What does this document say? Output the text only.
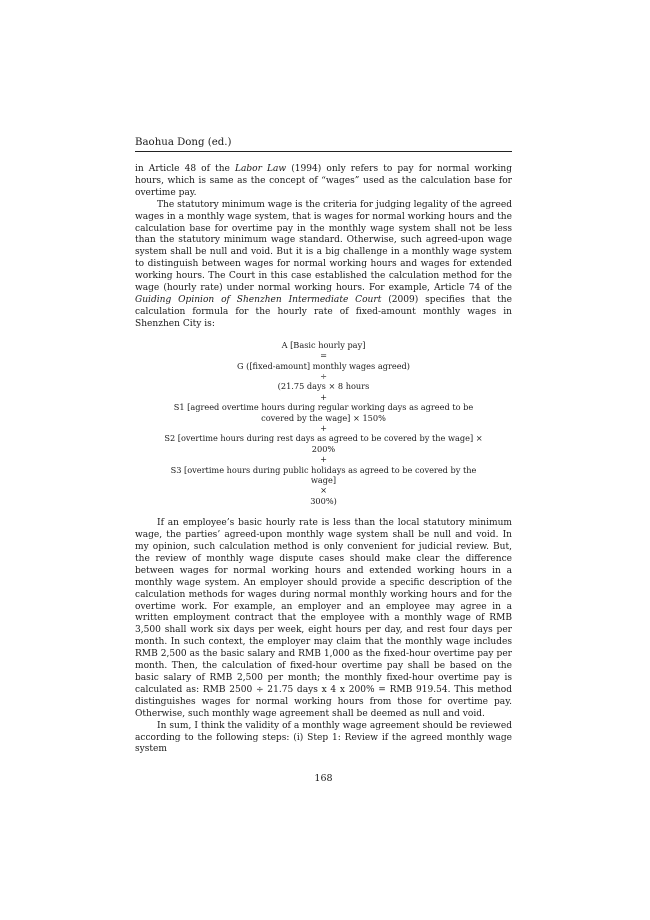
Baohua Dong (ed.)

in Article 48 of the Labor Law (1994) only refers to pay for normal working hours, which is same as the concept of “wages” used as the calculation base for overtime pay.

The statutory minimum wage is the criteria for judging legality of the agreed wages in a monthly wage system, that is wages for normal working hours and the calculation base for overtime pay in the monthly wage system shall not be less than the statutory minimum wage standard. Otherwise, such agreed-upon wage system shall be null and void. But it is a big challenge in a monthly wage system to distinguish between wages for normal working hours and wages for extended working hours. The Court in this case established the calculation method for the wage (hourly rate) under normal working hours. For example, Article 74 of the Guiding Opinion of Shenzhen Intermediate Court (2009) specifies that the calculation formula for the hourly rate of fixed-amount monthly wages in Shenzhen City is:

A [Basic hourly pay]
=
G ([fixed-amount] monthly wages agreed)
÷
(21.75 days × 8 hours
+
S1 [agreed overtime hours during regular working days as agreed to be covered by the wage] × 150%
+
S2 [overtime hours during rest days as agreed to be covered by the wage] × 200%
+
S3 [overtime hours during public holidays as agreed to be covered by the wage]
×
300%)

If an employee’s basic hourly rate is less than the local statutory minimum wage, the parties’ agreed-upon monthly wage system shall be null and void. In my opinion, such calculation method is only convenient for judicial review. But, the review of monthly wage dispute cases should make clear the difference between wages for normal working hours and extended working hours in a monthly wage system. An employer should provide a specific description of the calculation methods for wages during normal monthly working hours and for the overtime work. For example, an employer and an employee may agree in a written employment contract that the employee with a monthly wage of RMB 3,500 shall work six days per week, eight hours per day, and rest four days per month. In such context, the employer may claim that the monthly wage includes RMB 2,500 as the basic salary and RMB 1,000 as the fixed-hour overtime pay per month. Then, the calculation of fixed-hour overtime pay shall be based on the basic salary of RMB 2,500 per month; the monthly fixed-hour overtime pay is calculated as: RMB 2500 ÷ 21.75 days x 4 x 200% = RMB 919.54. This method distinguishes wages for normal working hours from those for overtime pay. Otherwise, such monthly wage agreement shall be deemed as null and void.

In sum, I think the validity of a monthly wage agreement should be reviewed according to the following steps: (i) Step 1: Review if the agreed monthly wage system

168
